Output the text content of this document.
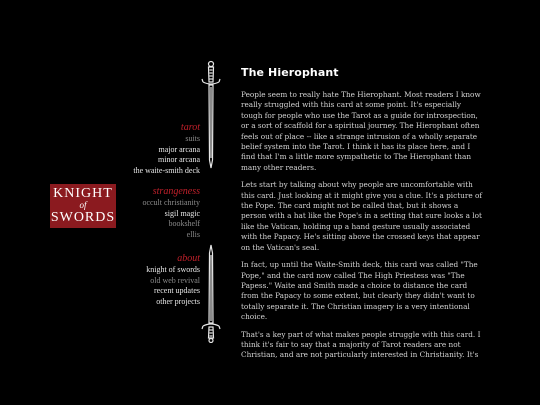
KNIGHT
of
SWORDS
tarot
suits
major arcana
minor arcana
the waite-smith deck
strangeness
occult christianity
sigil magic
bookshelf
ellis
about
knight of swords
old web revival
recent updates
other projects
The Hierophant

People seem to really hate The Hierophant. Most readers I know really struggled with this card at some point. It's especially tough for people who use the Tarot as a guide for introspection, or a sort of scaffold for a spiritual journey. The Hierophant often feels out of place -- like a strange intrusion of a wholly separate belief system into the Tarot. I think it has its place here, and I find that I'm a little more sympathetic to The Hierophant than many other readers.

Lets start by talking about why people are uncomfortable with this card. Just looking at it might give you a clue. It's a picture of the Pope. The card might not be called that, but it shows a person with a hat like the Pope's in a setting that sure looks a lot like the Vatican, holding up a hand gesture usually associated with the Papacy. He's sitting above the crossed keys that appear on the Vatican's seal.

In fact, up until the Waite-Smith deck, this card was called "The Pope," and the card now called The High Priestess was "The Papess." Waite and Smith made a choice to distance the card from the Papacy to some extent, but clearly they didn't want to totally separate it. The Christian imagery is a very intentional choice.

That's a key part of what makes people struggle with this card. I think it's fair to say that a majority of Tarot readers are not Christian, and are not particularly interested in Christianity. It's
